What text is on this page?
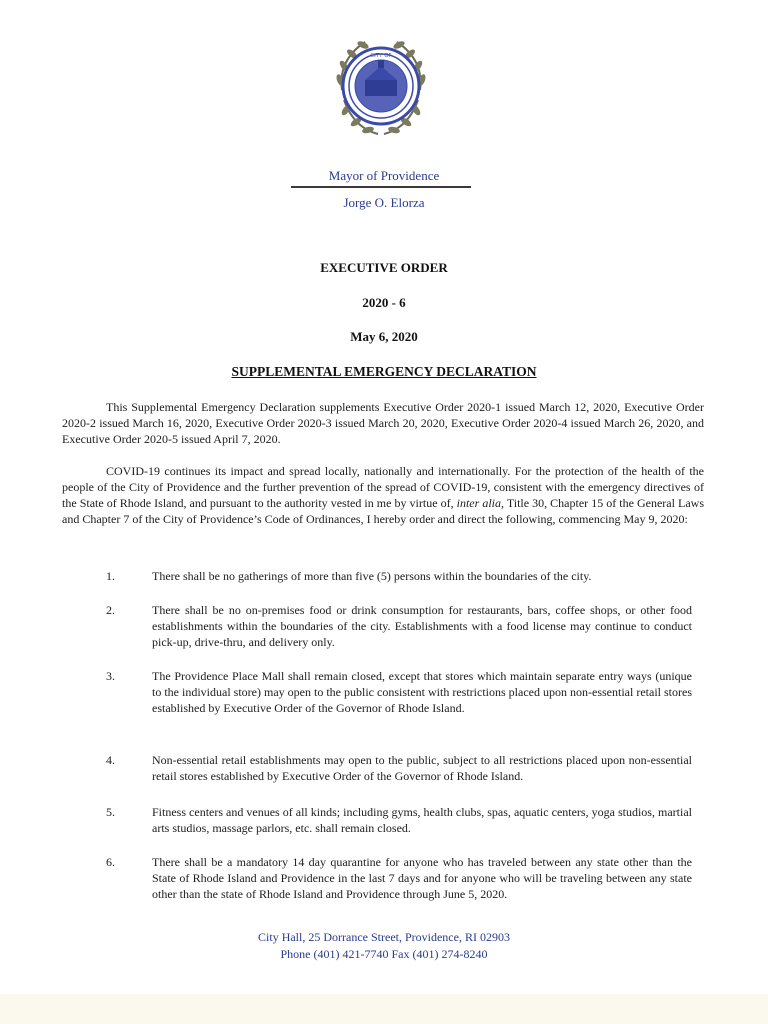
CITY OF
Mayor of Providence
Jorge O. Elorza
EXECUTIVE ORDER
2020 - 6
May 6, 2020
SUPPLEMENTAL EMERGENCY DECLARATION

This Supplemental Emergency Declaration supplements Executive Order 2020-1 issued March 12, 2020, Executive Order 2020-2 issued March 16, 2020, Executive Order 2020-3 issued March 20, 2020, Executive Order 2020-4 issued March 26, 2020, and Executive Order 2020-5 issued April 7, 2020.

COVID-19 continues its impact and spread locally, nationally and internationally. For the protection of the health of the people of the City of Providence and the further prevention of the spread of COVID-19, consistent with the emergency directives of the State of Rhode Island, and pursuant to the authority vested in me by virtue of, inter alia, Title 30, Chapter 15 of the General Laws and Chapter 7 of the City of Providence’s Code of Ordinances, I hereby order and direct the following, commencing May 9, 2020:

1.	There shall be no gatherings of more than five (5) persons within the boundaries of the city.
2.	There shall be no on-premises food or drink consumption for restaurants, bars, coffee shops, or other food establishments within the boundaries of the city. Establishments with a food license may continue to conduct pick-up, drive-thru, and delivery only.
3.	The Providence Place Mall shall remain closed, except that stores which maintain separate entry ways (unique to the individual store) may open to the public consistent with restrictions placed upon non-essential retail stores established by Executive Order of the Governor of Rhode Island.
4.	Non-essential retail establishments may open to the public, subject to all restrictions placed upon non-essential retail stores established by Executive Order of the Governor of Rhode Island.
5.	Fitness centers and venues of all kinds; including gyms, health clubs, spas, aquatic centers, yoga studios, martial arts studios, massage parlors, etc. shall remain closed.
6.	There shall be a mandatory 14 day quarantine for anyone who has traveled between any state other than the State of Rhode Island and Providence in the last 7 days and for anyone who will be traveling between any state other than the state of Rhode Island and Providence through June 5, 2020.
City Hall, 25 Dorrance Street, Providence, RI 02903
Phone (401) 421-7740 Fax (401) 274-8240
